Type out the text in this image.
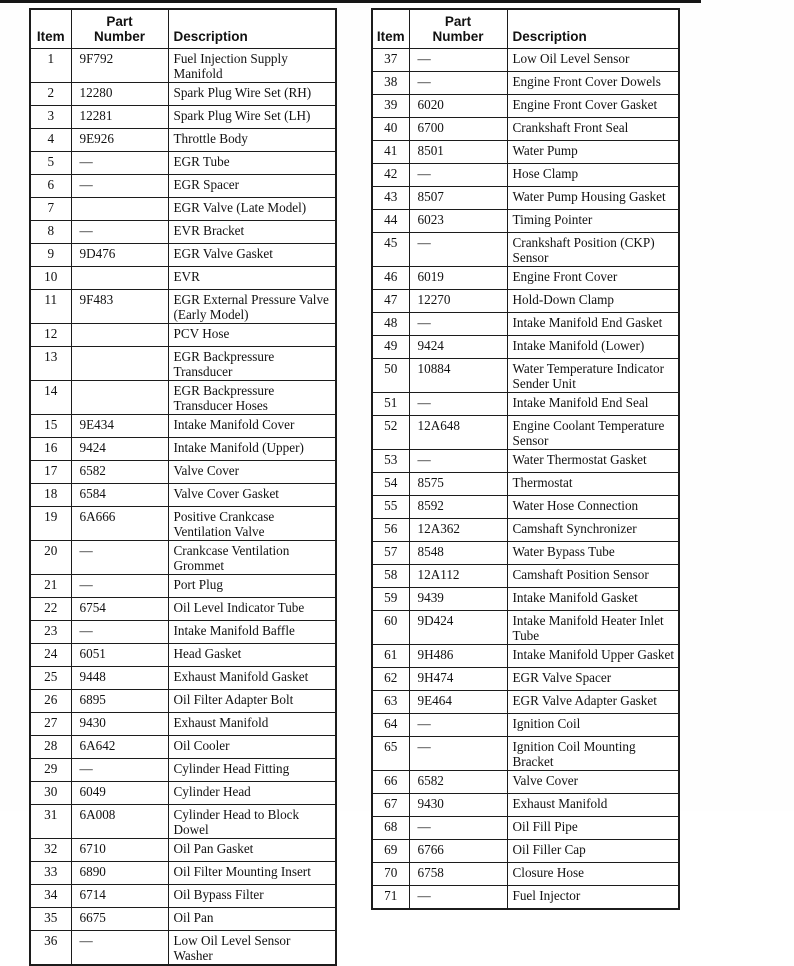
Item	Part Number	Description
1	9F792	Fuel Injection Supply Manifold
2	12280	Spark Plug Wire Set (RH)
3	12281	Spark Plug Wire Set (LH)
4	9E926	Throttle Body
5	—	EGR Tube
6	—	EGR Spacer
7		EGR Valve (Late Model)
8	—	EVR Bracket
9	9D476	EGR Valve Gasket
10		EVR
11	9F483	EGR External Pressure Valve (Early Model)
12		PCV Hose
13		EGR Backpressure Transducer
14		EGR Backpressure Transducer Hoses
15	9E434	Intake Manifold Cover
16	9424	Intake Manifold (Upper)
17	6582	Valve Cover
18	6584	Valve Cover Gasket
19	6A666	Positive Crankcase Ventilation Valve
20	—	Crankcase Ventilation Grommet
21	—	Port Plug
22	6754	Oil Level Indicator Tube
23	—	Intake Manifold Baffle
24	6051	Head Gasket
25	9448	Exhaust Manifold Gasket
26	6895	Oil Filter Adapter Bolt
27	9430	Exhaust Manifold
28	6A642	Oil Cooler
29	—	Cylinder Head Fitting
30	6049	Cylinder Head
31	6A008	Cylinder Head to Block Dowel
32	6710	Oil Pan Gasket
33	6890	Oil Filter Mounting Insert
34	6714	Oil Bypass Filter
35	6675	Oil Pan
36	—	Low Oil Level Sensor Washer
Item	Part Number	Description
37	—	Low Oil Level Sensor
38	—	Engine Front Cover Dowels
39	6020	Engine Front Cover Gasket
40	6700	Crankshaft Front Seal
41	8501	Water Pump
42	—	Hose Clamp
43	8507	Water Pump Housing Gasket
44	6023	Timing Pointer
45	—	Crankshaft Position (CKP) Sensor
46	6019	Engine Front Cover
47	12270	Hold-Down Clamp
48	—	Intake Manifold End Gasket
49	9424	Intake Manifold (Lower)
50	10884	Water Temperature Indicator Sender Unit
51	—	Intake Manifold End Seal
52	12A648	Engine Coolant Temperature Sensor
53	—	Water Thermostat Gasket
54	8575	Thermostat
55	8592	Water Hose Connection
56	12A362	Camshaft Synchronizer
57	8548	Water Bypass Tube
58	12A112	Camshaft Position Sensor
59	9439	Intake Manifold Gasket
60	9D424	Intake Manifold Heater Inlet Tube
61	9H486	Intake Manifold Upper Gasket
62	9H474	EGR Valve Spacer
63	9E464	EGR Valve Adapter Gasket
64	—	Ignition Coil
65	—	Ignition Coil Mounting Bracket
66	6582	Valve Cover
67	9430	Exhaust Manifold
68	—	Oil Fill Pipe
69	6766	Oil Filler Cap
70	6758	Closure Hose
71	—	Fuel Injector
